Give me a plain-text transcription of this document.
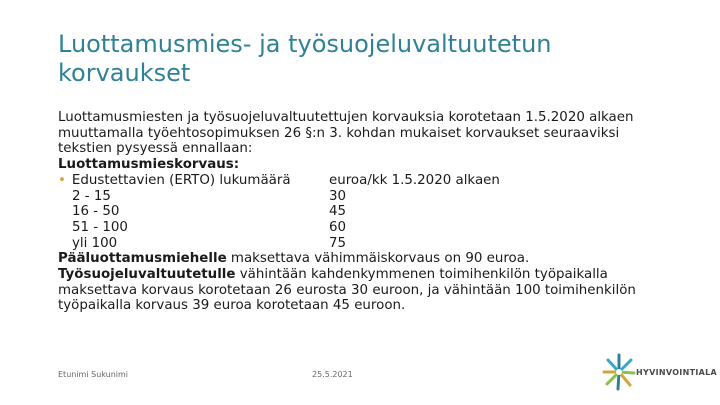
Luottamusmies- ja työsuojeluvaltuutetun korvaukset
Luottamusmiesten ja työsuojeluvaltuutettujen korvauksia korotetaan 1.5.2020 alkaen
muuttamalla työehtosopimuksen 26 §:n 3. kohdan mukaiset korvaukset seuraaviksi
tekstien pysyessä ennallaan:
Luottamusmieskorvaus:
• Edustettavien (ERTO) lukumäärä	euroa/kk 1.5.2020 alkaen
2 - 15	30
16 - 50	45
51 - 100	60
yli 100	75
Pääluottamusmiehelle maksettava vähimmäiskorvaus on 90 euroa.
Työsuojeluvaltuutetulle vähintään kahdenkymmenen toimihenkilön työpaikalla
maksettava korvaus korotetaan 26 eurosta 30 euroon, ja vähintään 100 toimihenkilön
työpaikalla korvaus 39 euroa korotetaan 45 euroon.
Etunimi Sukunimi	25.5.2021	HYVINVOINTIALA
